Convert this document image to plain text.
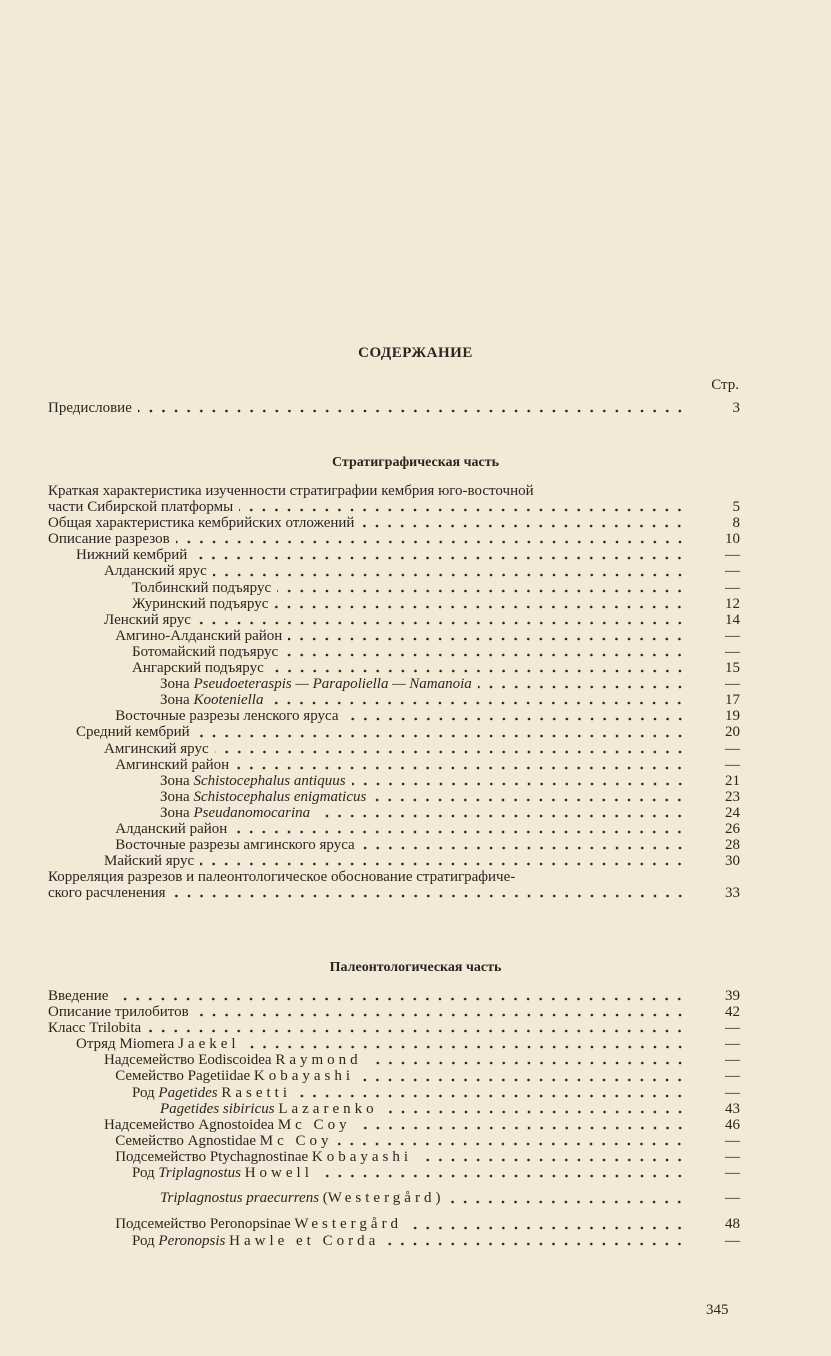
СОДЕРЖАНИЕ
Стр.
Предисловие	3
Стратиграфическая часть
Краткая характеристика изученности стратиграфии кембрия юго-восточной
части Сибирской платформы	5
Общая характеристика кембрийских отложений	8
Описание разрезов	10
Нижний кембрий	—
Алданский ярус	—
Толбинский подъярус	—
Журинский подъярус	12
Ленский ярус	14
Амгино-Алданский район	—
Ботомайский подъярус	—
Ангарский подъярус	15
Зона Pseudoeteraspis — Parapoliella — Namanoia	—
Зона Kooteniella	17
Восточные разрезы ленского яруса	19
Средний кембрий	20
Амгинский ярус	—
Амгинский район	—
Зона Schistocephalus antiquus	21
Зона Schistocephalus enigmaticus	23
Зона Pseudanomocarina	24
Алданский район	26
Восточные разрезы амгинского яруса	28
Майский ярус	30
Корреляция разрезов и палеонтологическое обоснование стратиграфиче-
ского расчленения	33
Палеонтологическая часть
Введение	39
Описание трилобитов	42
Класс Trilobita	—
Отряд Miomera Jaekel	—
Надсемейство Eodiscoidea Raymond	—
Семейство Pagetiidae Kobayashi	—
Род Pagetides Rasetti	—
Pagetides sibiricus Lazarenko	43
Надсемейство Agnostoidea Mc Coy	46
Семейство Agnostidae Mc Coy	—
Подсемейство Ptychagnostinae Kobayashi	—
Род Triplagnostus Howell	—
Triplagnostus praecurrens (Westergård)	—
Подсемейство Peronopsinae Westergård	48
Род Peronopsis Hawle et Corda	—
345
